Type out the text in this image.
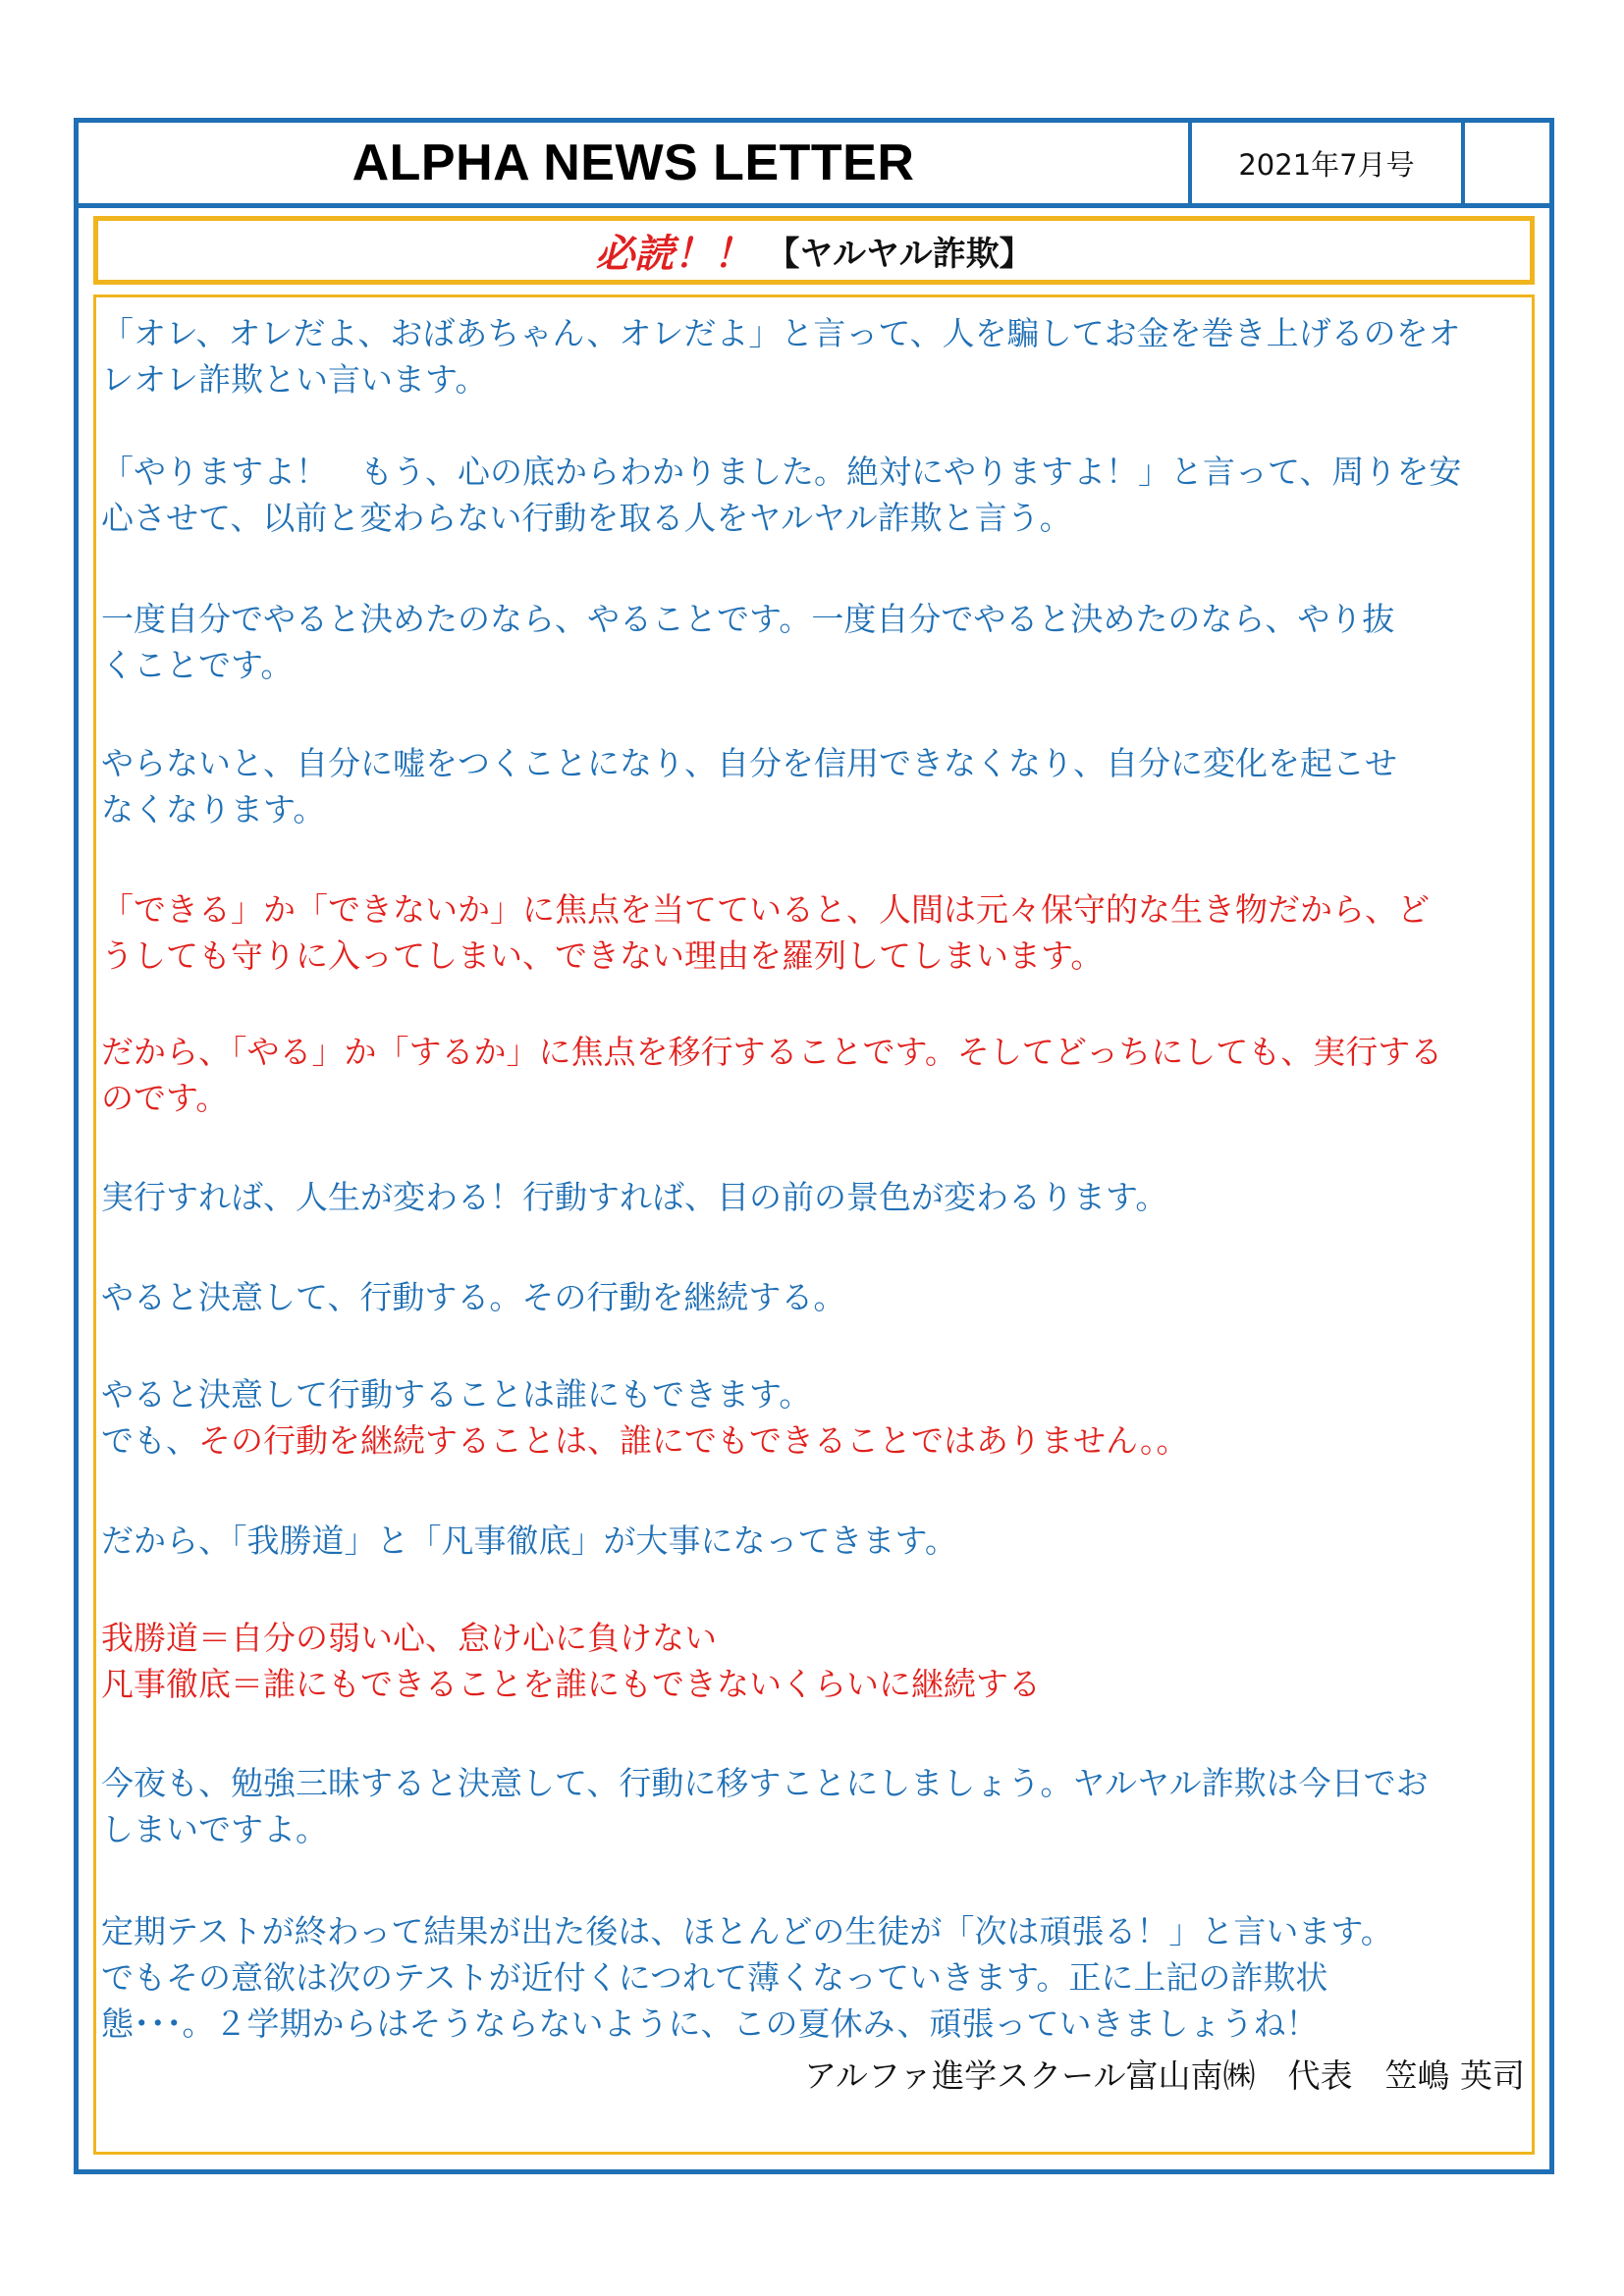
ALPHA NEWS LETTER	2021年7月号
必読！！ 【ヤルヤル詐欺】

「オレ、オレだよ、おばあちゃん、オレだよ」と言って、人を騙してお金を巻き上げるのをオ
レオレ詐欺とい言います。

「やりますよ！　もう、心の底からわかりました。絶対にやりますよ！」と言って、周りを安
心させて、以前と変わらない行動を取る人をヤルヤル詐欺と言う。

一度自分でやると決めたのなら、やることです。一度自分でやると決めたのなら、やり抜
くことです。

やらないと、自分に嘘をつくことになり、自分を信用できなくなり、自分に変化を起こせ
なくなります。

「できる」か「できないか」に焦点を当てていると、人間は元々保守的な生き物だから、ど
うしても守りに入ってしまい、できない理由を羅列してしまいます。

だから、「やる」か「するか」に焦点を移行することです。そしてどっちにしても、実行する
のです。

実行すれば、人生が変わる！行動すれば、目の前の景色が変わるります。

やると決意して、行動する。その行動を継続する。

やると決意して行動することは誰にもできます。
でも、その行動を継続することは、誰にでもできることではありません。。

だから、「我勝道」と「凡事徹底」が大事になってきます。

我勝道＝自分の弱い心、怠け心に負けない
凡事徹底＝誰にもできることを誰にもできないくらいに継続する

今夜も、勉強三昧すると決意して、行動に移すことにしましょう。ヤルヤル詐欺は今日でお
しまいですよ。

定期テストが終わって結果が出た後は、ほとんどの生徒が「次は頑張る！」と言います。
でもその意欲は次のテストが近付くにつれて薄くなっていきます。正に上記の詐欺状
態･･･。２学期からはそうならないように、この夏休み、頑張っていきましょうね！

アルファ進学スクール富山南㈱　代表　笠嶋 英司
